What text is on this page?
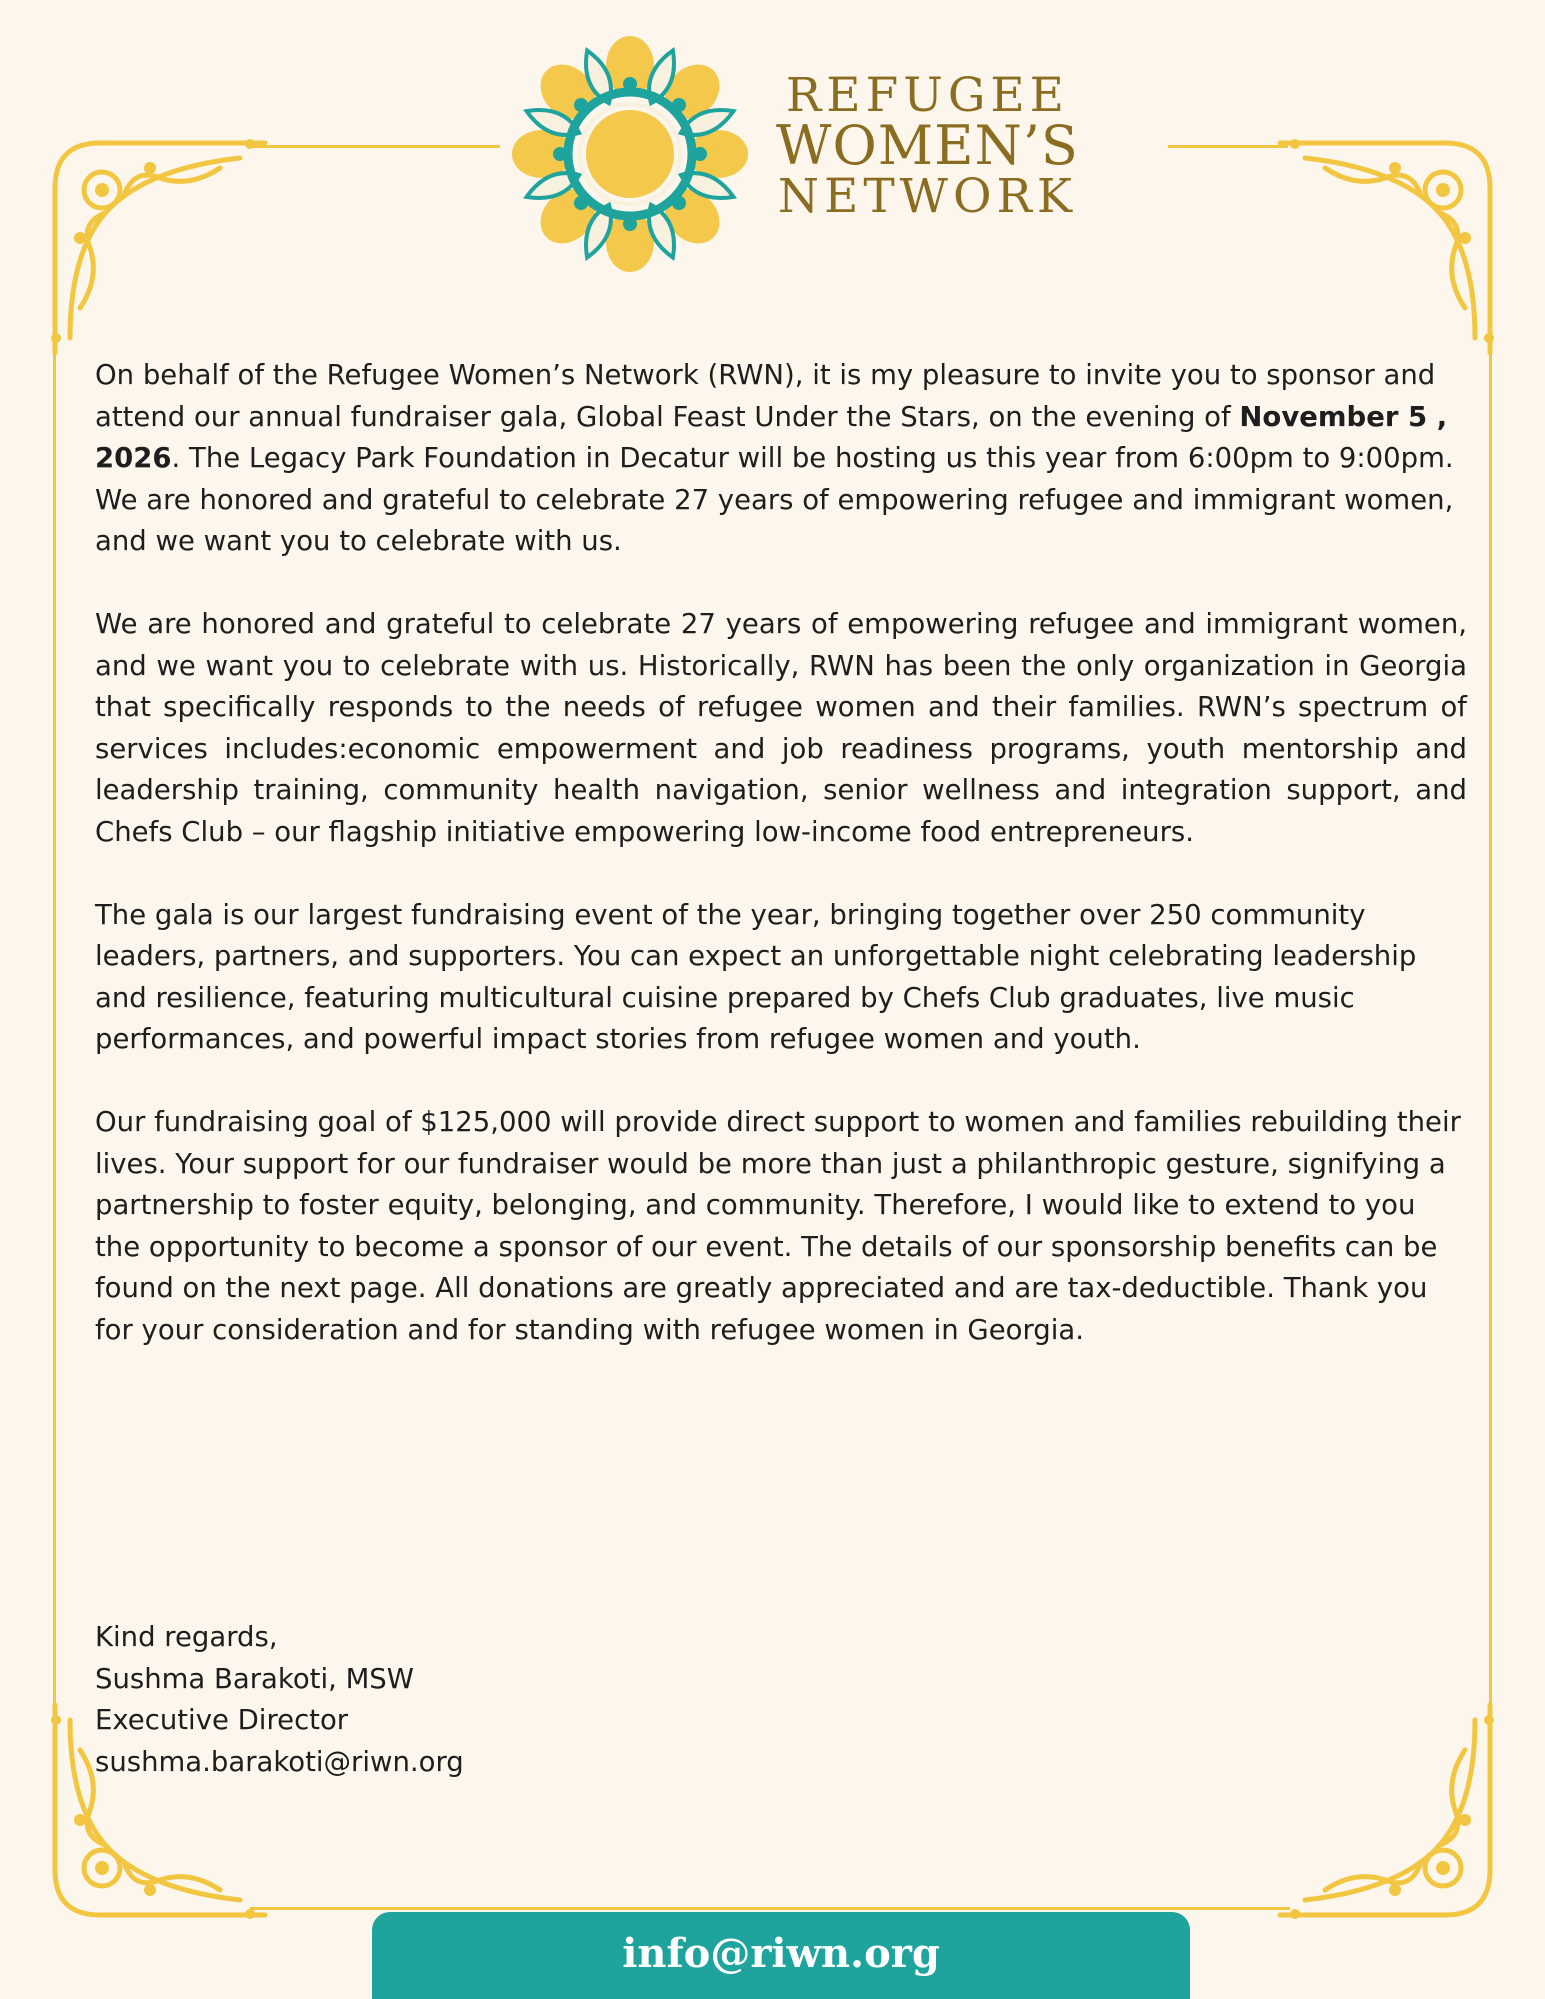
REFUGEE
WOMEN’S
NETWORK

On behalf of the Refugee Women’s Network (RWN), it is my pleasure to invite you to sponsor and attend our annual fundraiser gala, Global Feast Under the Stars, on the evening of November 5 , 2026. The Legacy Park Foundation in Decatur will be hosting us this year from 6:00pm to 9:00pm. We are honored and grateful to celebrate 27 years of empowering refugee and immigrant women, and we want you to celebrate with us.

We are honored and grateful to celebrate 27 years of empowering refugee and immigrant women, and we want you to celebrate with us. Historically, RWN has been the only organization in Georgia that specifically responds to the needs of refugee women and their families. RWN’s spectrum of services includes:economic empowerment and job readiness programs, youth mentorship and leadership training, community health navigation, senior wellness and integration support, and Chefs Club – our flagship initiative empowering low-income food entrepreneurs.

The gala is our largest fundraising event of the year, bringing together over 250 community leaders, partners, and supporters. You can expect an unforgettable night celebrating leadership and resilience, featuring multicultural cuisine prepared by Chefs Club graduates, live music performances, and powerful impact stories from refugee women and youth.

Our fundraising goal of $125,000 will provide direct support to women and families rebuilding their lives. Your support for our fundraiser would be more than just a philanthropic gesture, signifying a partnership to foster equity, belonging, and community. Therefore, I would like to extend to you the opportunity to become a sponsor of our event. The details of our sponsorship benefits can be found on the next page. All donations are greatly appreciated and are tax-deductible. Thank you for your consideration and for standing with refugee women in Georgia.

Kind regards,
Sushma Barakoti, MSW
Executive Director
sushma.barakoti@riwn.org
info@riwn.org
